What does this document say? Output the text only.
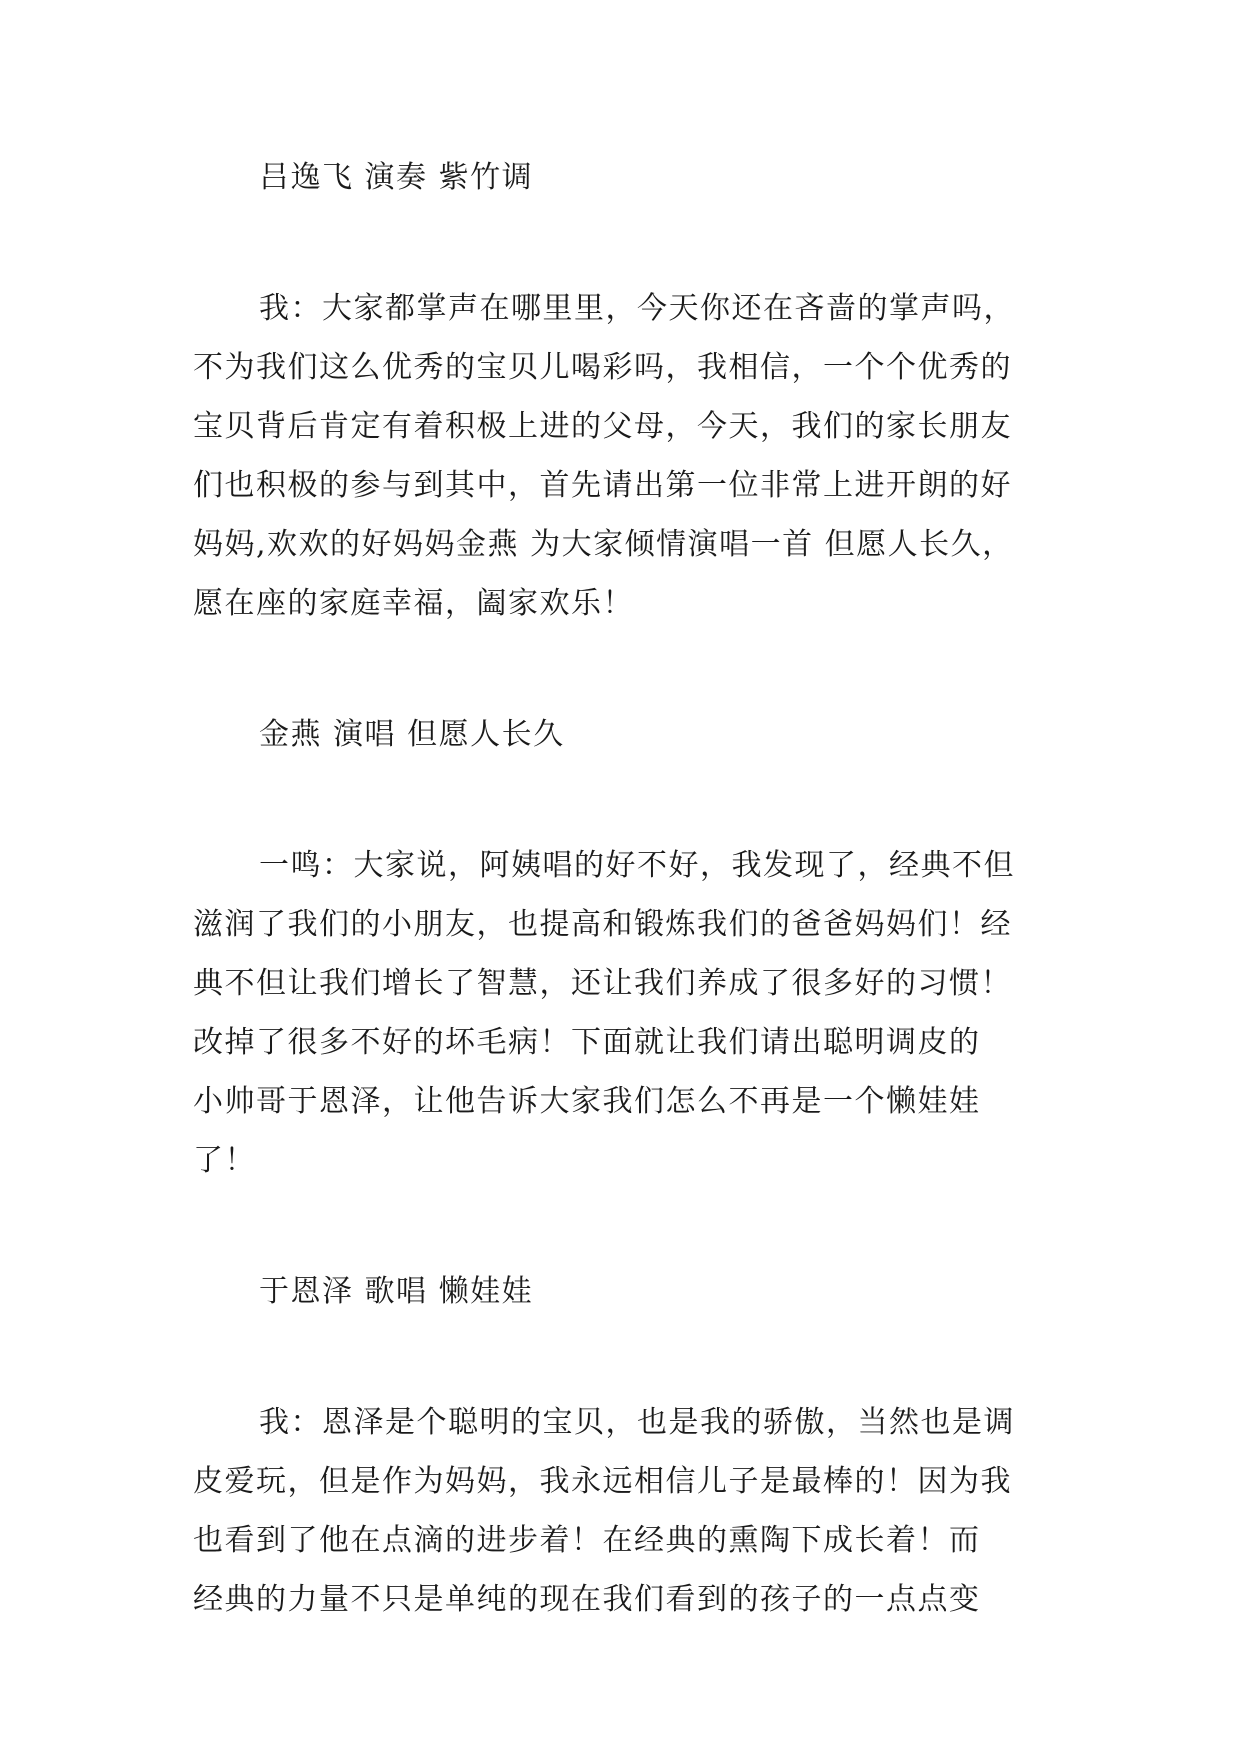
吕逸飞 演奏 紫竹调
我：大家都掌声在哪里里，今天你还在吝啬的掌声吗，
不为我们这么优秀的宝贝儿喝彩吗，我相信，一个个优秀的
宝贝背后肯定有着积极上进的父母，今天，我们的家长朋友
们也积极的参与到其中，首先请出第一位非常上进开朗的好
妈妈,欢欢的好妈妈金燕 为大家倾情演唱一首 但愿人长久，
愿在座的家庭幸福，阖家欢乐！
金燕 演唱 但愿人长久
一鸣：大家说，阿姨唱的好不好，我发现了，经典不但
滋润了我们的小朋友，也提高和锻炼我们的爸爸妈妈们！经
典不但让我们增长了智慧，还让我们养成了很多好的习惯！
改掉了很多不好的坏毛病！下面就让我们请出聪明调皮的
小帅哥于恩泽，让他告诉大家我们怎么不再是一个懒娃娃
了！
于恩泽 歌唱 懒娃娃
我：恩泽是个聪明的宝贝，也是我的骄傲，当然也是调
皮爱玩，但是作为妈妈，我永远相信儿子是最棒的！因为我
也看到了他在点滴的进步着！在经典的熏陶下成长着！而
经典的力量不只是单纯的现在我们看到的孩子的一点点变
